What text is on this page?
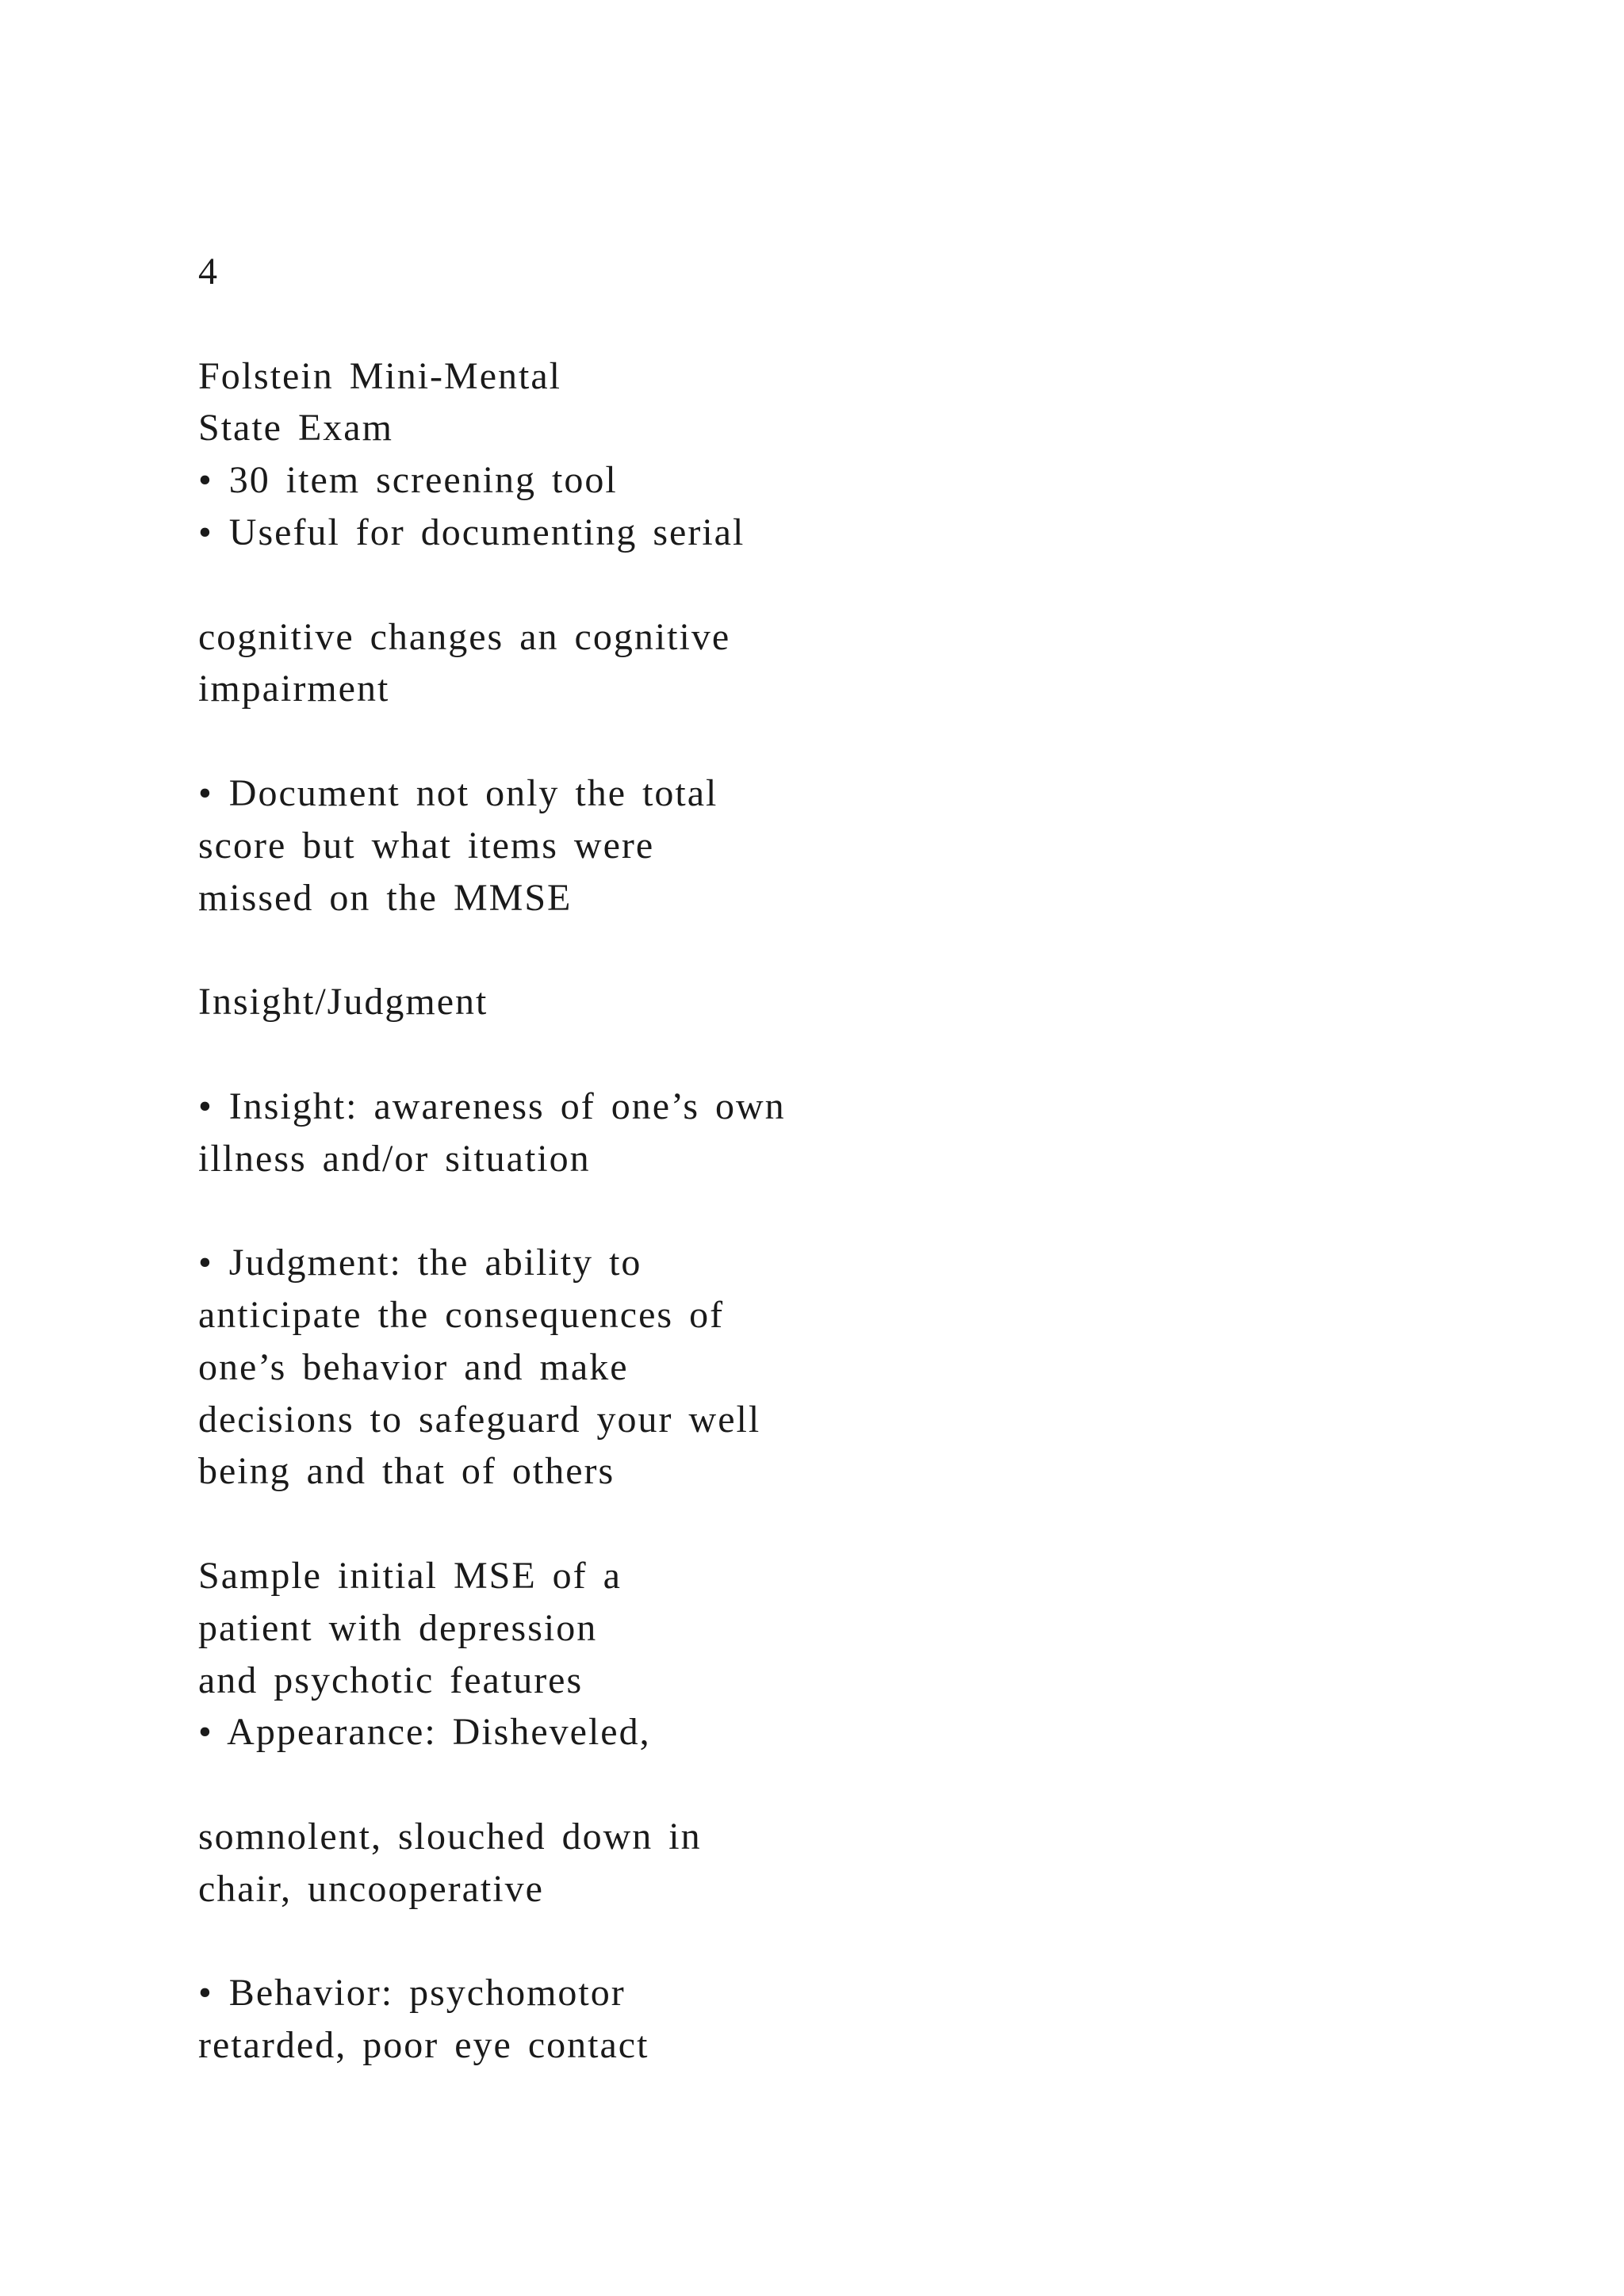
4
Folstein Mini-Mental
State Exam
• 30 item screening tool
• Useful for documenting serial
cognitive changes an cognitive
impairment
• Document not only the total
score but what items were
missed on the MMSE
Insight/Judgment
• Insight: awareness of one’s own
illness and/or situation
• Judgment: the ability to
anticipate the consequences of
one’s behavior and make
decisions to safeguard your well
being and that of others
Sample initial MSE of a
patient with depression
and psychotic features
• Appearance: Disheveled,
somnolent, slouched down in
chair, uncooperative
• Behavior: psychomotor
retarded, poor eye contact
